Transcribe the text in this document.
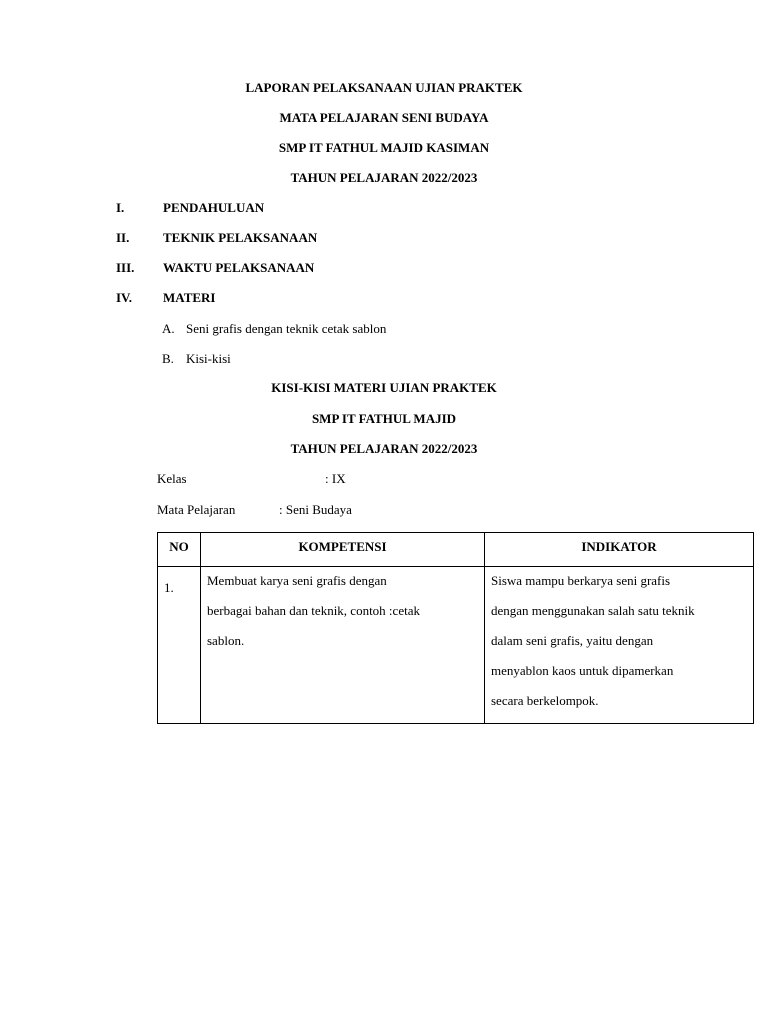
LAPORAN PELAKSANAAN UJIAN PRAKTEK

MATA PELAJARAN SENI BUDAYA

SMP IT FATHUL MAJID KASIMAN

TAHUN PELAJARAN 2022/2023

I.	PENDAHULUAN
II.	TEKNIK PELAKSANAAN
III. WAKTU PELAKSANAAN
IV. MATERI
A. Seni grafis dengan teknik cetak sablon
B. Kisi-kisi

KISI-KISI MATERI UJIAN PRAKTEK

SMP IT FATHUL MAJID

TAHUN PELAJARAN 2022/2023

Kelas	: IX
Mata Pelajaran	: Seni Budaya
NO	KOMPETENSI	INDIKATOR
1.	Membuat karya seni grafis dengan
berbagai bahan dan teknik, contoh :cetak
sablon.	Siswa mampu berkarya seni grafis
dengan menggunakan salah satu teknik
dalam seni grafis, yaitu dengan
menyablon kaos untuk dipamerkan
secara berkelompok.
